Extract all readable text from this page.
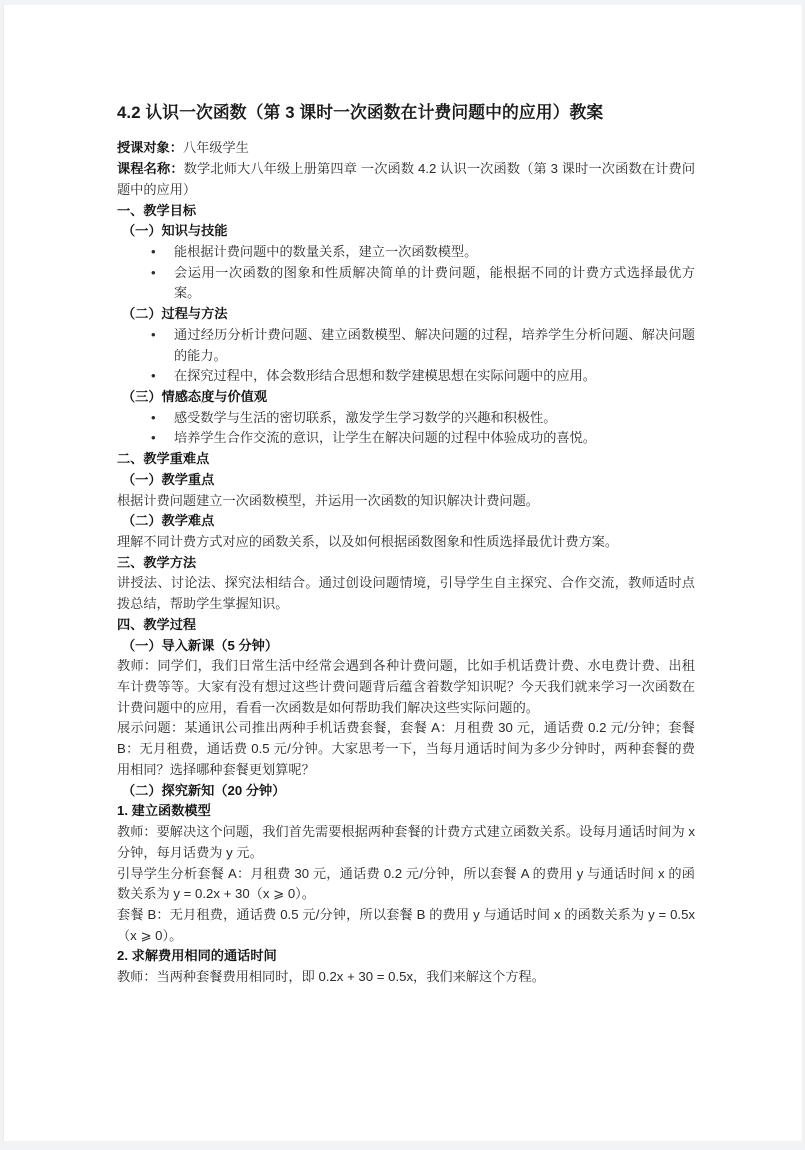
4.2 认识一次函数（第 3 课时一次函数在计费问题中的应用）教案

授课对象：八年级学生

课程名称：数学北师大八年级上册第四章 一次函数 4.2 认识一次函数（第 3 课时一次函数在计费问题中的应用）

一、教学目标

（一）知识与技能

• 能根据计费问题中的数量关系，建立一次函数模型。
• 会运用一次函数的图象和性质解决简单的计费问题，能根据不同的计费方式选择最优方案。

（二）过程与方法

• 通过经历分析计费问题、建立函数模型、解决问题的过程，培养学生分析问题、解决问题的能力。
• 在探究过程中，体会数形结合思想和数学建模思想在实际问题中的应用。

（三）情感态度与价值观

• 感受数学与生活的密切联系，激发学生学习数学的兴趣和积极性。
• 培养学生合作交流的意识，让学生在解决问题的过程中体验成功的喜悦。

二、教学重难点

（一）教学重点

根据计费问题建立一次函数模型，并运用一次函数的知识解决计费问题。

（二）教学难点

理解不同计费方式对应的函数关系，以及如何根据函数图象和性质选择最优计费方案。

三、教学方法

讲授法、讨论法、探究法相结合。通过创设问题情境，引导学生自主探究、合作交流，教师适时点拨总结，帮助学生掌握知识。

四、教学过程

（一）导入新课（5 分钟）

教师：同学们，我们日常生活中经常会遇到各种计费问题，比如手机话费计费、水电费计费、出租车计费等等。大家有没有想过这些计费问题背后蕴含着数学知识呢？今天我们就来学习一次函数在计费问题中的应用，看看一次函数是如何帮助我们解决这些实际问题的。

展示问题：某通讯公司推出两种手机话费套餐，套餐 A：月租费 30 元，通话费 0.2 元/分钟；套餐 B：无月租费，通话费 0.5 元/分钟。大家思考一下，当每月通话时间为多少分钟时，两种套餐的费用相同？选择哪种套餐更划算呢？

（二）探究新知（20 分钟）

1. 建立函数模型

教师：要解决这个问题，我们首先需要根据两种套餐的计费方式建立函数关系。设每月通话时间为 x 分钟，每月话费为 y 元。

引导学生分析套餐 A：月租费 30 元，通话费 0.2 元/分钟，所以套餐 A 的费用 y 与通话时间 x 的函数关系为 y = 0.2x + 30（x ⩾ 0）。

套餐 B：无月租费，通话费 0.5 元/分钟，所以套餐 B 的费用 y 与通话时间 x 的函数关系为 y = 0.5x（x ⩾ 0）。

2. 求解费用相同的通话时间

教师：当两种套餐费用相同时，即 0.2x + 30 = 0.5x，我们来解这个方程。
